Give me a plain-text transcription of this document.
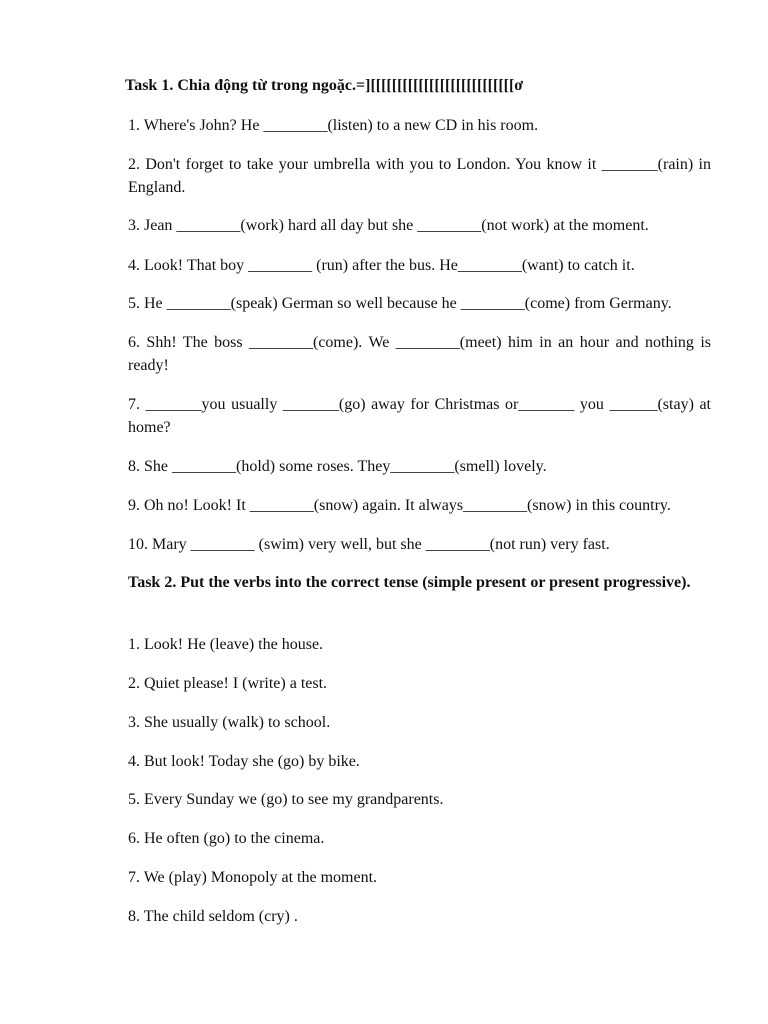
Task 1. Chia động từ trong ngoặc.=][[[[[[[[[[[[[[[[[[[[[[[[[[[ơ

1. Where's John? He ________(listen) to a new CD in his room.

2. Don't forget to take your umbrella with you to London. You know it _______(rain) in England.

3. Jean ________(work) hard all day but she ________(not work) at the moment.

4. Look! That boy ________ (run) after the bus. He________(want) to catch it.

5. He ________(speak) German so well because he ________(come) from Germany.

6. Shh! The boss ________(come). We ________(meet) him in an hour and nothing is ready!

7. _______you usually _______(go) away for Christmas or_______ you ______(stay) at home?

8. She ________(hold) some roses. They________(smell) lovely.

9. Oh no! Look! It ________(snow) again. It always________(snow) in this country.

10. Mary ________ (swim) very well, but she ________(not run) very fast.

Task 2. Put the verbs into the correct tense (simple present or present progressive).

1. Look! He (leave) the house.

2. Quiet please! I (write) a test.

3. She usually (walk) to school.

4. But look! Today she (go) by bike.

5. Every Sunday we (go) to see my grandparents.

6. He often (go) to the cinema.

7. We (play) Monopoly at the moment.

8. The child seldom (cry) .
